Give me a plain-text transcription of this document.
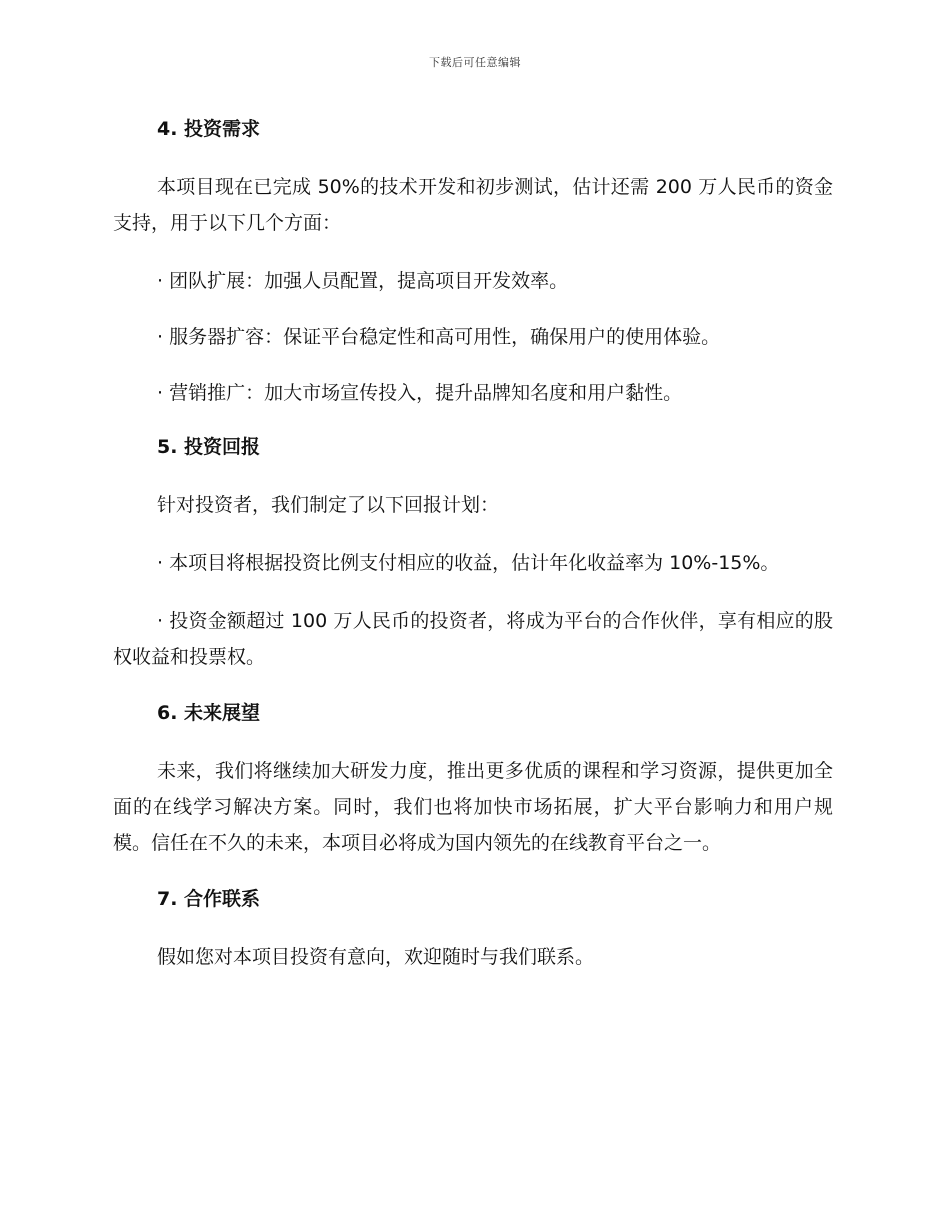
下载后可任意编辑
4. 投资需求

本项目现在已完成 50%的技术开发和初步测试，估计还需 200 万人民币的资金支持，用于以下几个方面：

· 团队扩展：加强人员配置，提高项目开发效率。

· 服务器扩容：保证平台稳定性和高可用性，确保用户的使用体验。

· 营销推广：加大市场宣传投入，提升品牌知名度和用户黏性。

5. 投资回报

针对投资者，我们制定了以下回报计划：

· 本项目将根据投资比例支付相应的收益，估计年化收益率为 10%-15%。

· 投资金额超过 100 万人民币的投资者，将成为平台的合作伙伴，享有相应的股权收益和投票权。

6. 未来展望

未来，我们将继续加大研发力度，推出更多优质的课程和学习资源，提供更加全面的在线学习解决方案。同时，我们也将加快市场拓展，扩大平台影响力和用户规模。信任在不久的未来，本项目必将成为国内领先的在线教育平台之一。

7. 合作联系

假如您对本项目投资有意向，欢迎随时与我们联系。
